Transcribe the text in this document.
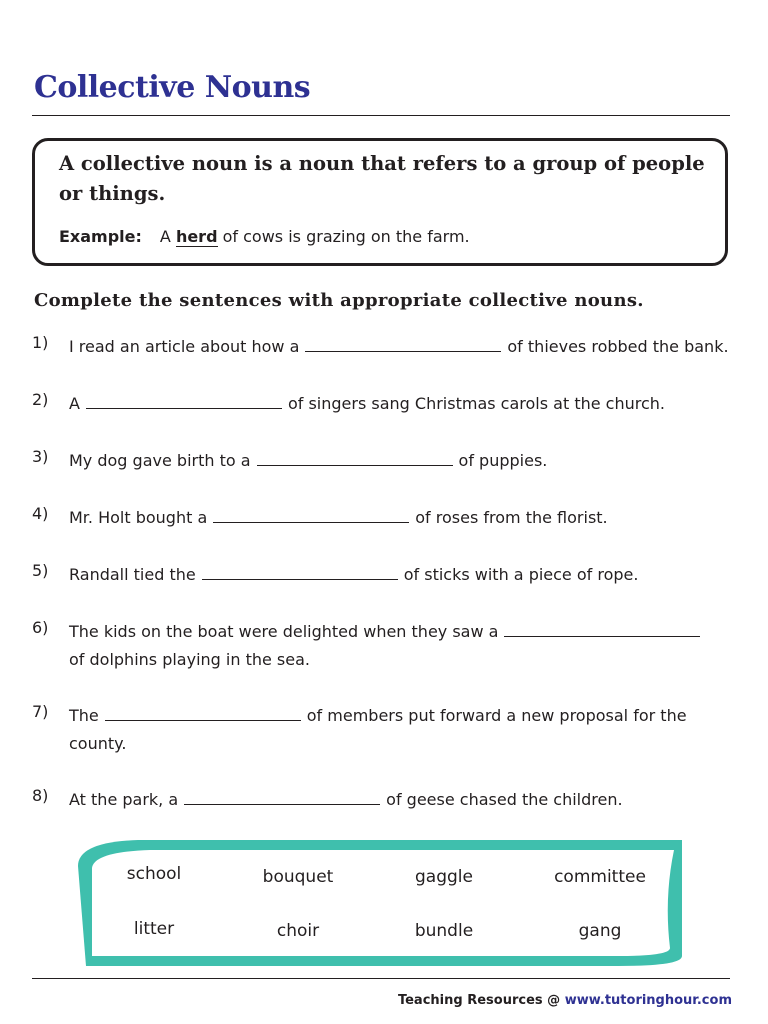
Collective Nouns

A collective noun is a noun that refers to a group of people or things.

Example: A herd of cows is grazing on the farm.

Complete the sentences with appropriate collective nouns.

1) I read an article about how a	of thieves robbed the bank.
2) A	of singers sang Christmas carols at the church.
3) My dog gave birth to a	of puppies.
4) Mr. Holt bought a	of roses from the florist.
5) Randall tied the	of sticks with a piece of rope.
6) The kids on the boat were delighted when they saw aof dolphins playing in the sea.
7) The	of members put forward a new proposal for the county.
8) At the park, a	of geese chased the children.
school	bouquet	gaggle	committee
litter	choir	bundle	gang
Teaching Resources @ www.tutoringhour.com
